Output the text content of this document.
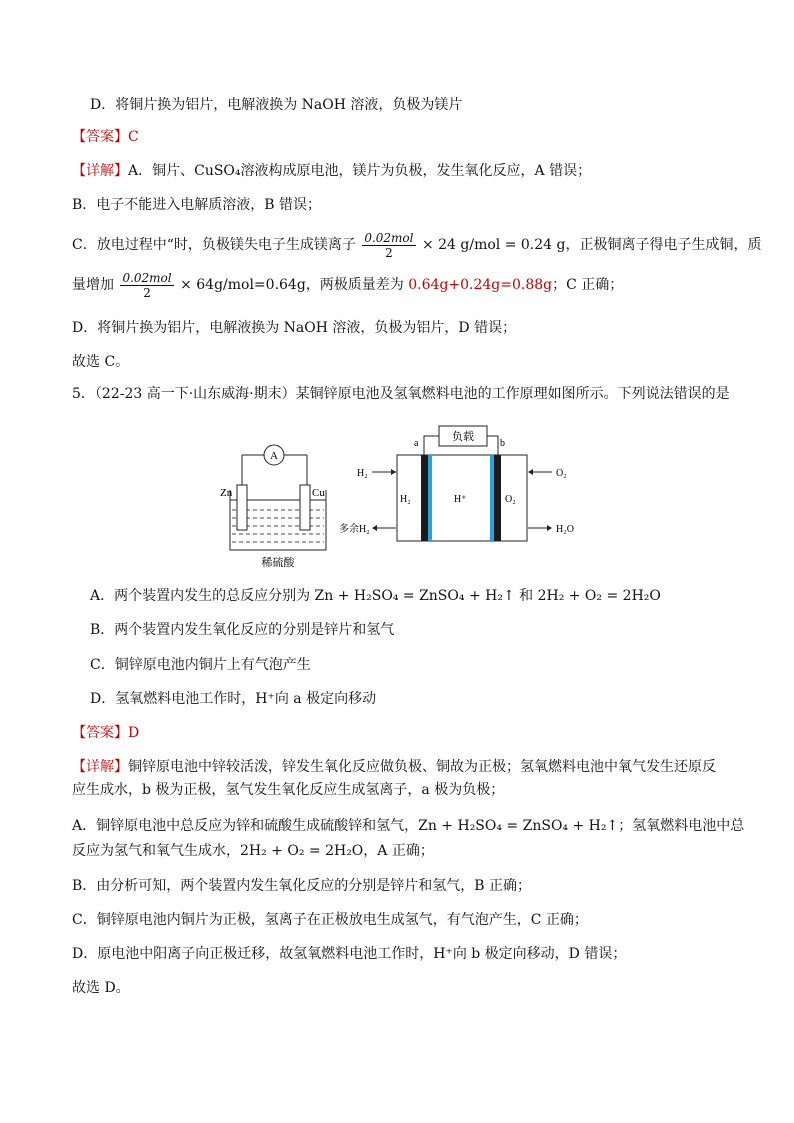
D．将铜片换为铝片，电解液换为 NaOH 溶液，负极为镁片
【答案】C
【详解】A．铜片、CuSO₄溶液构成原电池，镁片为负极，发生氧化反应，A 错误；
B．电子不能进入电解质溶液，B 错误；
C．放电过程中“时，负极镁失电子生成镁离子 $\frac{\text{0.02mol}}{2} \times 24$ g/mol = 0.24 g，正极铜离子得电子生成铜，质
量增加 $\frac{\text{0.02mol}}{2} \times 64g/mol=0.64g$，两极质量差为 0.64g+0.24g=0.88g；C 正确；
D．将铜片换为铝片，电解液换为 NaOH 溶液，负极为铝片，D 错误；
故选 C。
5．（22-23 高一下·山东威海·期末）某铜锌原电池及氢氧燃料电池的工作原理如图所示。下列说法错误的是
A
Zn	Cu
稀硫酸
负载
a	b
H₂	H⁺	O₂
H₂
多余H₂
O₂
H₂O
A．两个装置内发生的总反应分别为 Zn + H₂SO₄ = ZnSO₄ + H₂↑ 和 2H₂ + O₂ = 2H₂O
B．两个装置内发生氧化反应的分别是锌片和氢气
C．铜锌原电池内铜片上有气泡产生
D．氢氧燃料电池工作时，H⁺向 a 极定向移动
【答案】D
【详解】铜锌原电池中锌较活泼，锌发生氧化反应做负极、铜故为正极；氢氧燃料电池中氧气发生还原反
应生成水，b 极为正极，氢气发生氧化反应生成氢离子，a 极为负极；
A．铜锌原电池中总反应为锌和硫酸生成硫酸锌和氢气，Zn + H₂SO₄ = ZnSO₄ + H₂↑；氢氧燃料电池中总
反应为氢气和氧气生成水，2H₂ + O₂ = 2H₂O，A 正确；
B．由分析可知，两个装置内发生氧化反应的分别是锌片和氢气，B 正确；
C．铜锌原电池内铜片为正极，氢离子在正极放电生成氢气，有气泡产生，C 正确；
D．原电池中阳离子向正极迁移，故氢氧燃料电池工作时，H⁺向 b 极定向移动，D 错误；
故选 D。
